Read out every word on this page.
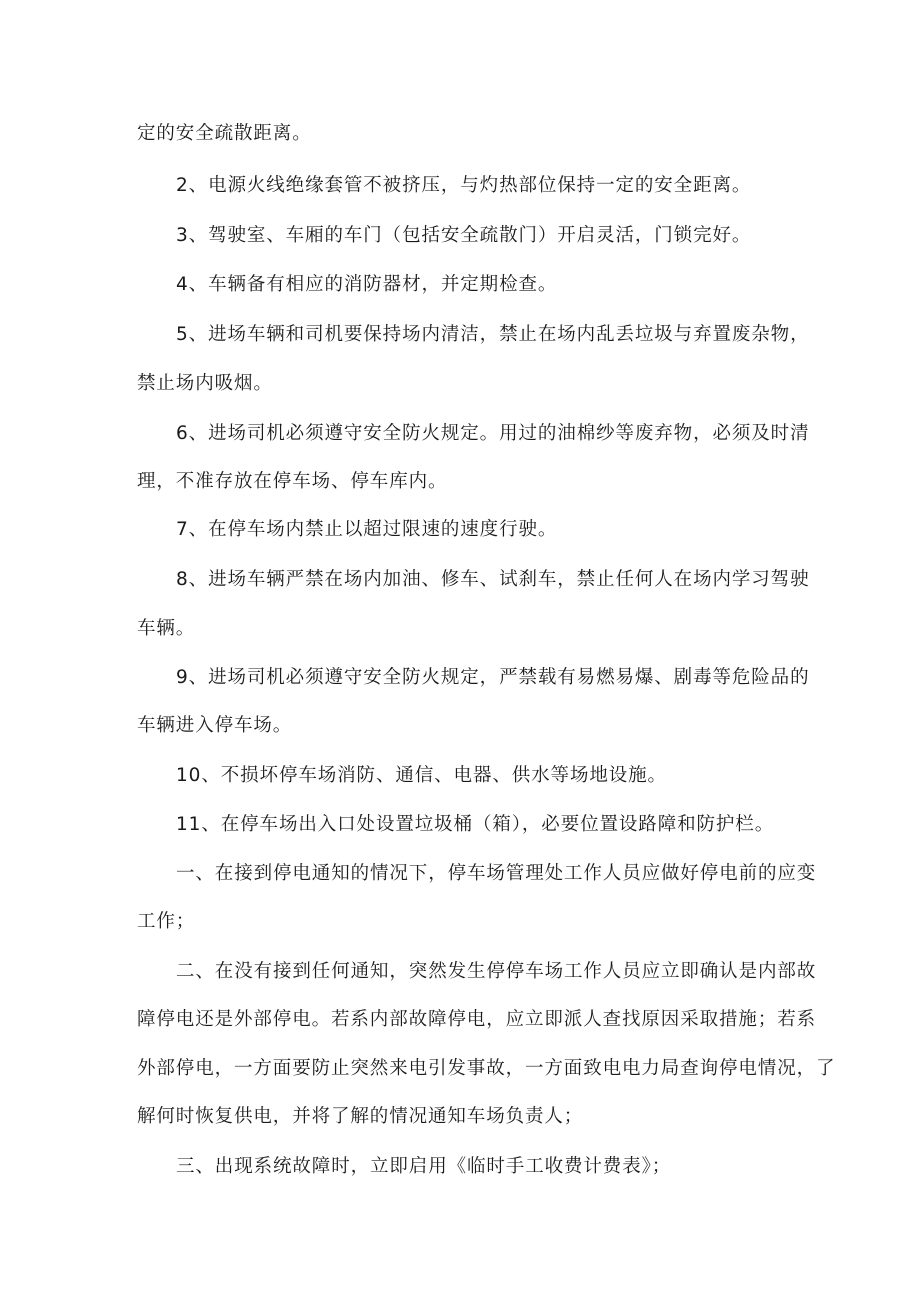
定的安全疏散距离。
2、电源火线绝缘套管不被挤压，与灼热部位保持一定的安全距离。
3、驾驶室、车厢的车门（包括安全疏散门）开启灵活，门锁完好。
4、车辆备有相应的消防器材，并定期检查。
5、进场车辆和司机要保持场内清洁，禁止在场内乱丢垃圾与弃置废杂物，
禁止场内吸烟。
6、进场司机必须遵守安全防火规定。用过的油棉纱等废弃物，必须及时清
理，不准存放在停车场、停车库内。
7、在停车场内禁止以超过限速的速度行驶。
8、进场车辆严禁在场内加油、修车、试刹车，禁止任何人在场内学习驾驶
车辆。
9、进场司机必须遵守安全防火规定，严禁载有易燃易爆、剧毒等危险品的
车辆进入停车场。
10、不损坏停车场消防、通信、电器、供水等场地设施。
11、在停车场出入口处设置垃圾桶（箱），必要位置设路障和防护栏。
一、在接到停电通知的情况下，停车场管理处工作人员应做好停电前的应变
工作；
二、在没有接到任何通知，突然发生停停车场工作人员应立即确认是内部故
障停电还是外部停电。若系内部故障停电，应立即派人查找原因采取措施；若系
外部停电，一方面要防止突然来电引发事故，一方面致电电力局查询停电情况，了
解何时恢复供电，并将了解的情况通知车场负责人；
三、出现系统故障时，立即启用《临时手工收费计费表》；
